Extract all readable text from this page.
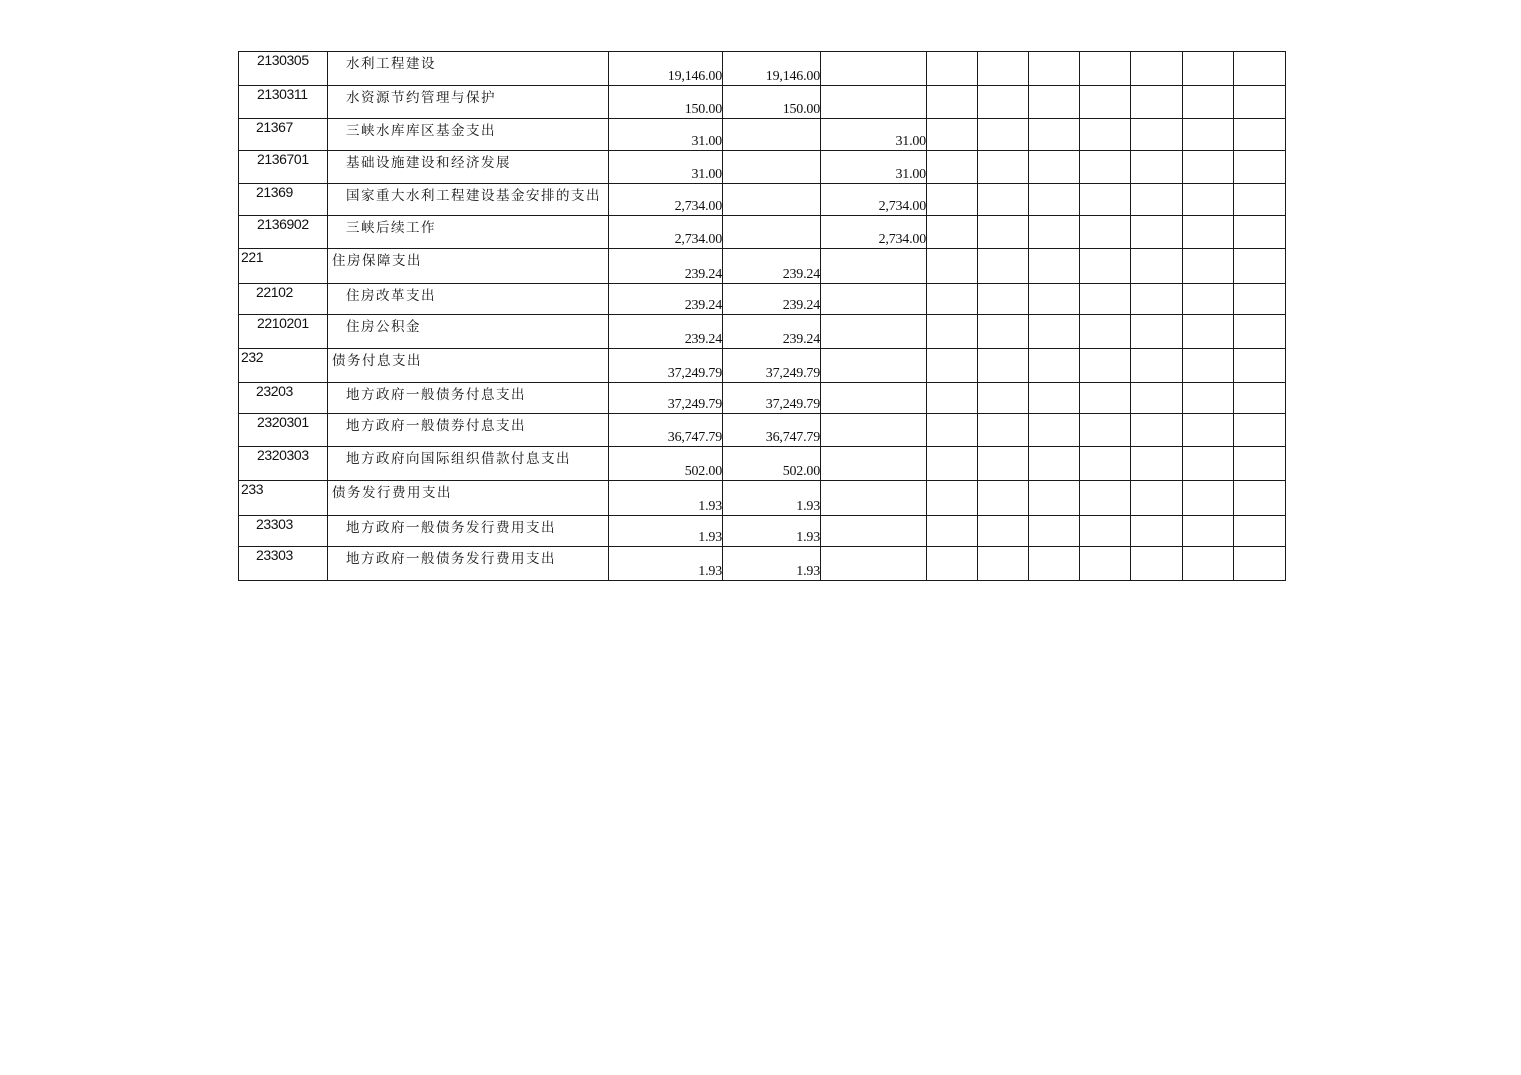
2130305	水利工程建设	19,146.00	19,146.00								
2130311	水资源节约管理与保护	150.00	150.00								
21367	三峡水库库区基金支出	31.00		31.00							
2136701	基础设施建设和经济发展	31.00		31.00							
21369	国家重大水利工程建设基金安排的支出	2,734.00		2,734.00							
2136902	三峡后续工作	2,734.00		2,734.00							
221	住房保障支出	239.24	239.24								
22102	住房改革支出	239.24	239.24								
2210201	住房公积金	239.24	239.24								
232	债务付息支出	37,249.79	37,249.79								
23203	地方政府一般债务付息支出	37,249.79	37,249.79								
2320301	地方政府一般债券付息支出	36,747.79	36,747.79								
2320303	地方政府向国际组织借款付息支出	502.00	502.00								
233	债务发行费用支出	1.93	1.93								
23303	地方政府一般债务发行费用支出	1.93	1.93								
23303	地方政府一般债务发行费用支出	1.93	1.93								
